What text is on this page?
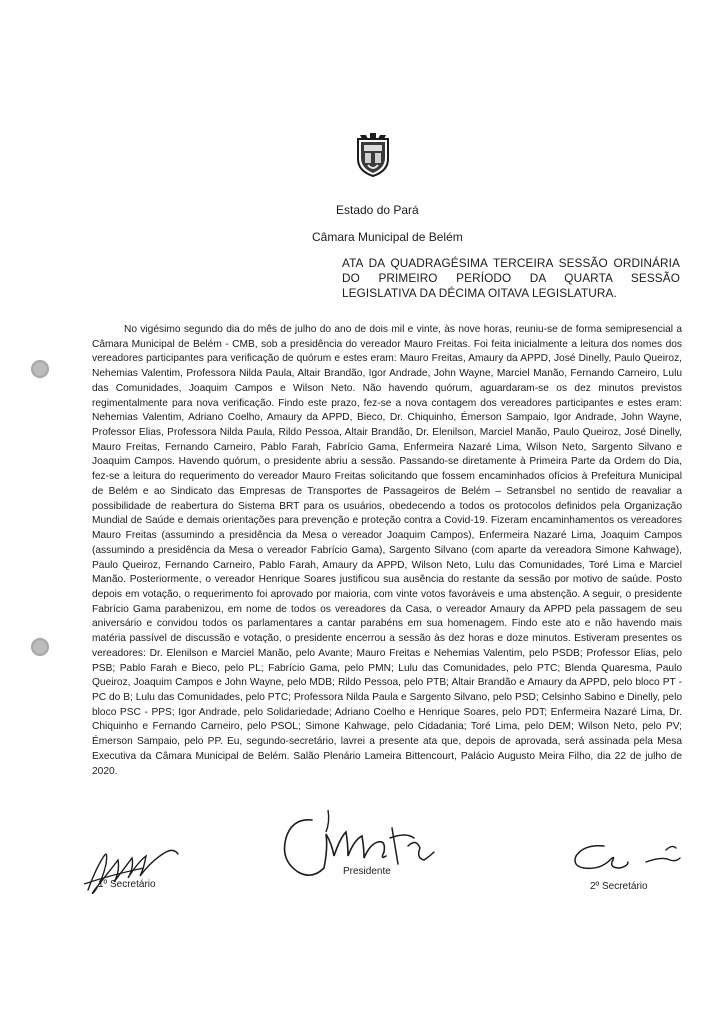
Estado do Pará
Câmara Municipal de Belém
ATA DA QUADRAGÉSIMA TERCEIRA SESSÃO ORDINÁRIA DO PRIMEIRO PERÍODO DA QUARTA SESSÃO LEGISLATIVA DA DÉCIMA OITAVA LEGISLATURA.

No vigésimo segundo dia do mês de julho do ano de dois mil e vinte, às nove horas, reuniu-se de forma semipresencial a Câmara Municipal de Belém - CMB, sob a presidência do vereador Mauro Freitas. Foi feita inicialmente a leitura dos nomes dos vereadores participantes para verificação de quórum e estes eram: Mauro Freitas, Amaury da APPD, José Dinelly, Paulo Queiroz, Nehemias Valentim, Professora Nilda Paula, Altair Brandão, Igor Andrade, John Wayne, Marciel Manão, Fernando Carneiro, Lulu das Comunidades, Joaquim Campos e Wilson Neto. Não havendo quórum, aguardaram-se os dez minutos previstos regimentalmente para nova verificação. Findo este prazo, fez-se a nova contagem dos vereadores participantes e estes eram: Nehemias Valentim, Adriano Coelho, Amaury da APPD, Bieco, Dr. Chiquinho, Émerson Sampaio, Igor Andrade, John Wayne, Professor Elias, Professora Nilda Paula, Rildo Pessoa, Altair Brandão, Dr. Elenilson, Marciel Manão, Paulo Queiroz, José Dinelly, Mauro Freitas, Fernando Carneiro, Pablo Farah, Fabrício Gama, Enfermeira Nazaré Lima, Wilson Neto, Sargento Silvano e Joaquim Campos. Havendo quórum, o presidente abriu a sessão. Passando-se diretamente à Primeira Parte da Ordem do Dia, fez-se a leitura do requerimento do vereador Mauro Freitas solicitando que fossem encaminhados ofícios à Prefeitura Municipal de Belém e ao Sindicato das Empresas de Transportes de Passageiros de Belém – Setransbel no sentido de reavaliar a possibilidade de reabertura do Sistema BRT para os usuários, obedecendo a todos os protocolos definidos pela Organização Mundial de Saúde e demais orientações para prevenção e proteção contra a Covid-19. Fizeram encaminhamentos os vereadores Mauro Freitas (assumindo a presidência da Mesa o vereador Joaquim Campos), Enfermeira Nazaré Lima, Joaquim Campos (assumindo a presidência da Mesa o vereador Fabrício Gama), Sargento Silvano (com aparte da vereadora Simone Kahwage), Paulo Queiroz, Fernando Carneiro, Pablo Farah, Amaury da APPD, Wilson Neto, Lulu das Comunidades, Toré Lima e Marciel Manão. Posteriormente, o vereador Henrique Soares justificou sua ausência do restante da sessão por motivo de saúde. Posto depois em votação, o requerimento foi aprovado por maioria, com vinte votos favoráveis e uma abstenção. A seguir, o presidente Fabrício Gama parabenizou, em nome de todos os vereadores da Casa, o vereador Amaury da APPD pela passagem de seu aniversário e convidou todos os parlamentares a cantar parabéns em sua homenagem. Findo este ato e não havendo mais matéria passível de discussão e votação, o presidente encerrou a sessão às dez horas e doze minutos. Estiveram presentes os vereadores: Dr. Elenilson e Marciel Manão, pelo Avante; Mauro Freitas e Nehemias Valentim, pelo PSDB; Professor Elias, pelo PSB; Pablo Farah e Bieco, pelo PL; Fabrício Gama, pelo PMN; Lulu das Comunidades, pelo PTC; Blenda Quaresma, Paulo Queiroz, Joaquim Campos e John Wayne, pelo MDB; Rildo Pessoa, pelo PTB; Altair Brandão e Amaury da APPD, pelo bloco PT - PC do B; Lulu das Comunidades, pelo PTC; Professora Nilda Paula e Sargento Silvano, pelo PSD; Celsinho Sabino e Dinelly, pelo bloco PSC - PPS; Igor Andrade, pelo Solidariedade; Adriano Coelho e Henrique Soares, pelo PDT; Enfermeira Nazaré Lima, Dr. Chiquinho e Fernando Carneiro, pelo PSOL; Simone Kahwage, pelo Cidadania; Toré Lima, pelo DEM; Wilson Neto, pelo PV; Émerson Sampaio, pelo PP. Eu, segundo-secretário, lavrei a presente ata que, depois de aprovada, será assinada pela Mesa Executiva da Câmara Municipal de Belém. Salão Plenário Lameira Bittencourt, Palácio Augusto Meira Filho, dia 22 de julho de 2020.

1º Secretário
Presidente
2º Secretário
